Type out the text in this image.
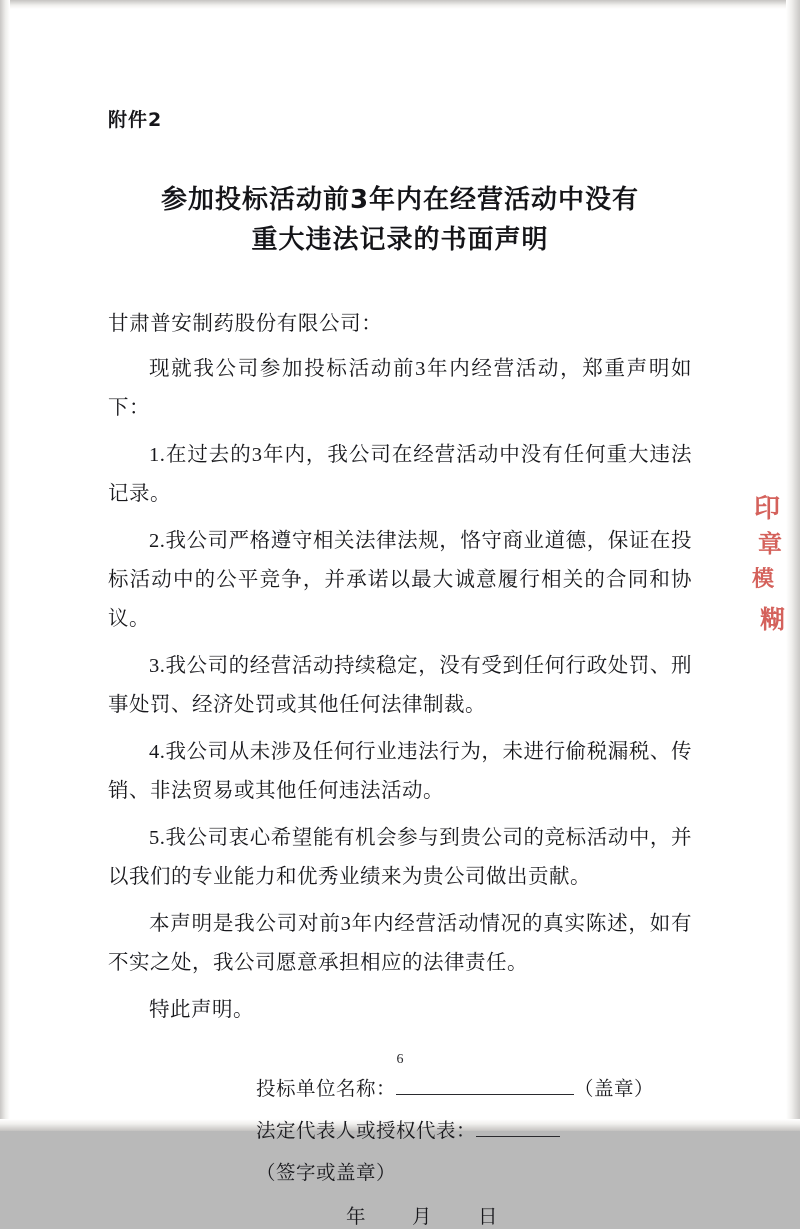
印
章
模
糊
附件2
参加投标活动前3年内在经营活动中没有
重大违法记录的书面声明
甘肃普安制药股份有限公司：
现就我公司参加投标活动前3年内经营活动，郑重声明如下：
1.在过去的3年内，我公司在经营活动中没有任何重大违法记录。
2.我公司严格遵守相关法律法规，恪守商业道德，保证在投标活动中的公平竞争，并承诺以最大诚意履行相关的合同和协议。
3.我公司的经营活动持续稳定，没有受到任何行政处罚、刑事处罚、经济处罚或其他任何法律制裁。
4.我公司从未涉及任何行业违法行为，未进行偷税漏税、传销、非法贸易或其他任何违法活动。
5.我公司衷心希望能有机会参与到贵公司的竞标活动中，并以我们的专业能力和优秀业绩来为贵公司做出贡献。
本声明是我公司对前3年内经营活动情况的真实陈述，如有不实之处，我公司愿意承担相应的法律责任。
特此声明。
投标单位名称：	（盖章）
法定代表人或授权代表：（签字或盖章）
年 月 日
6
